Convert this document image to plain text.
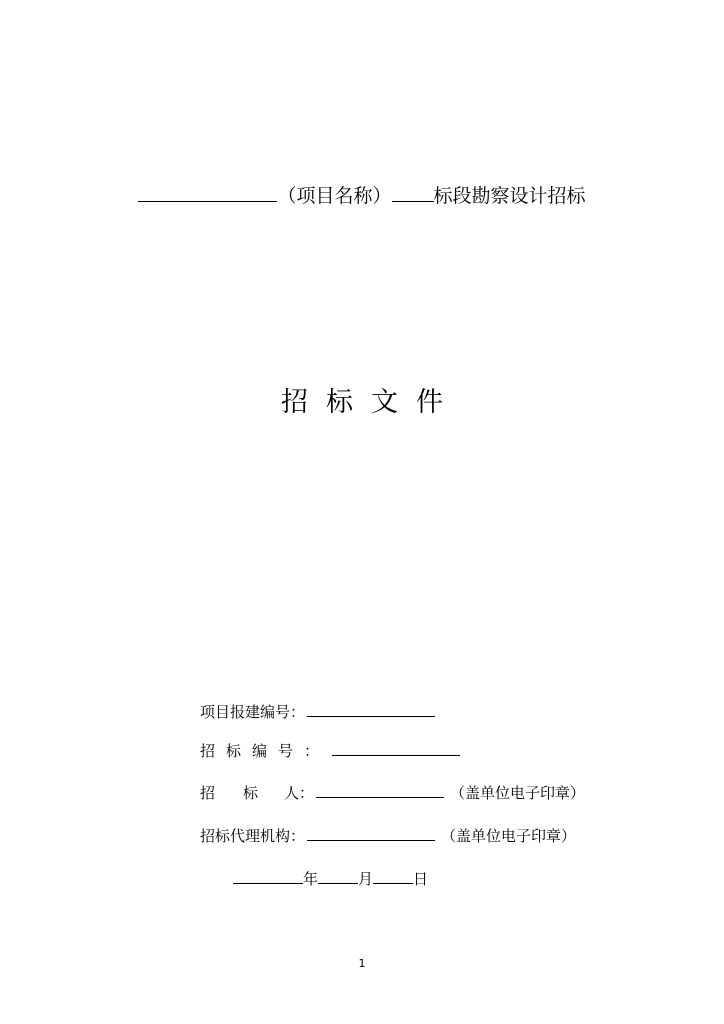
（项目名称） 标段勘察设计招标
招标文件
项目报建编号：
招标编号：
招 标 人：	（盖单位电子印章）
招标代理机构：	（盖单位电子印章）
年	月	日
1
